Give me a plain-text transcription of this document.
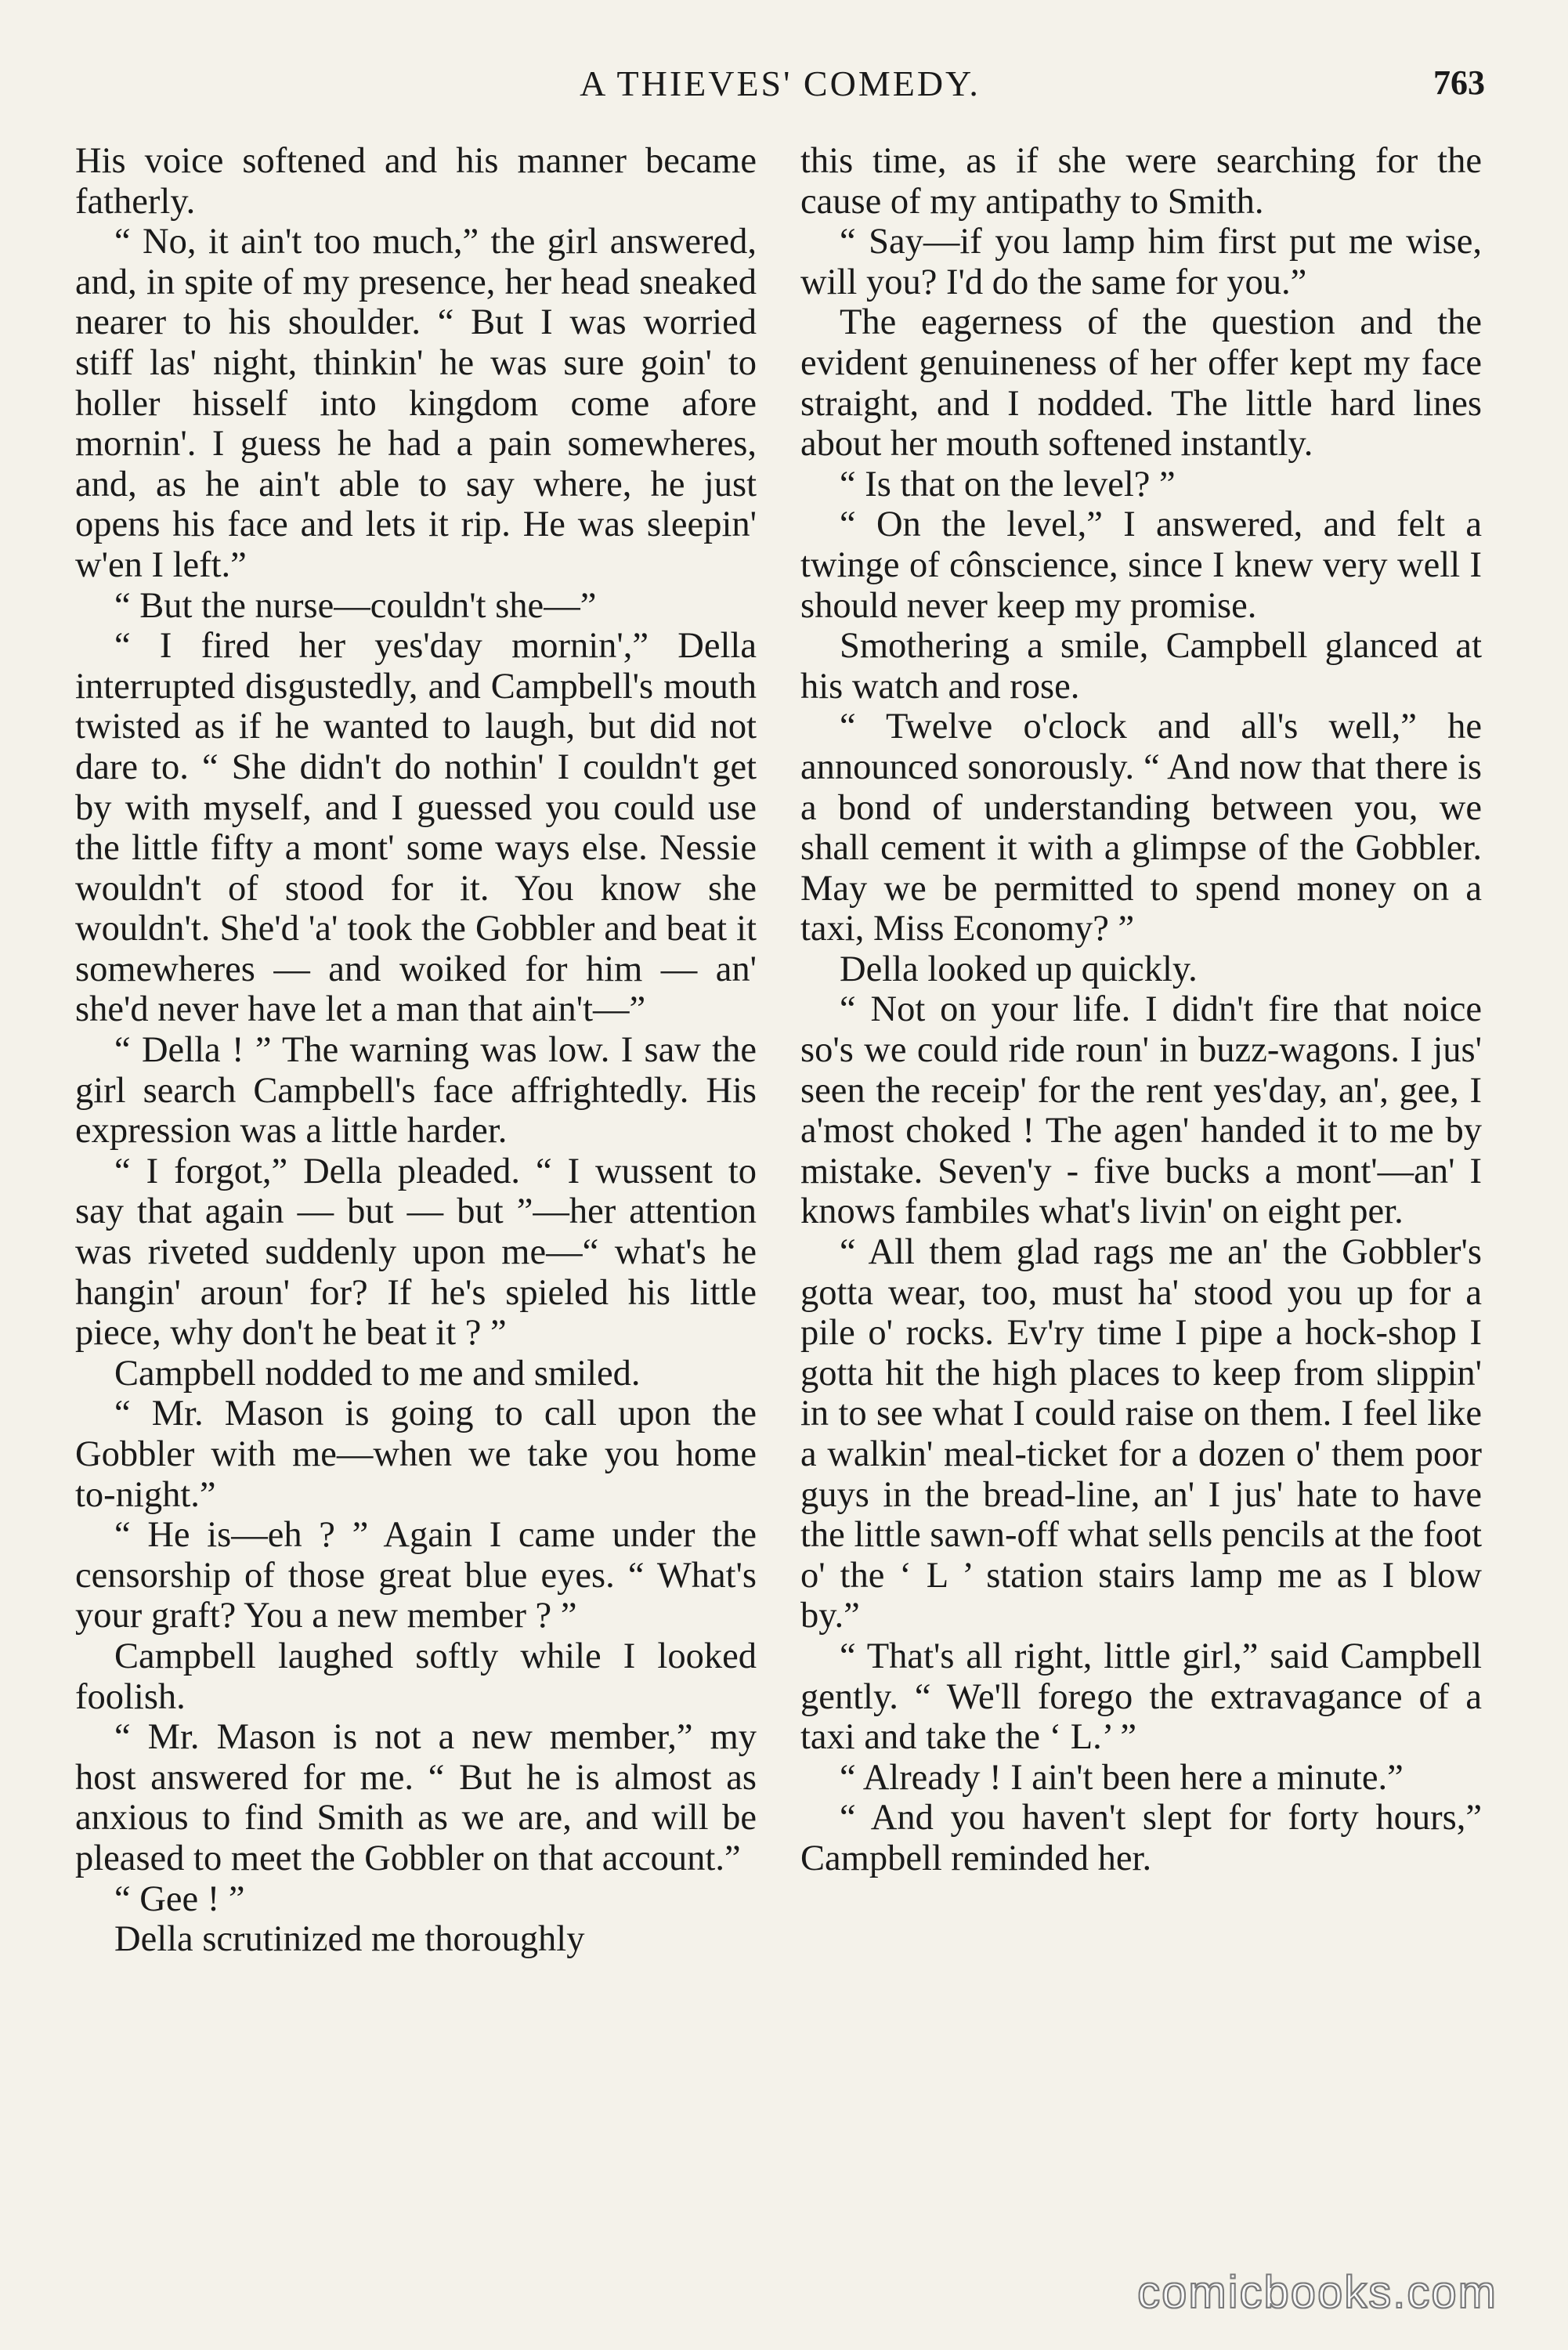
A THIEVES' COMEDY.	763

His voice softened and his manner became fatherly.

“ No, it ain't too much,” the girl answered, and, in spite of my presence, her head sneaked nearer to his shoulder. “ But I was worried stiff las' night, thinkin' he was sure goin' to holler hisself into kingdom come afore mornin'. I guess he had a pain somewheres, and, as he ain't able to say where, he just opens his face and lets it rip. He was sleepin' w'en I left.”

“ But the nurse—couldn't she—”

“ I fired her yes'day mornin',” Della interrupted disgustedly, and Campbell's mouth twisted as if he wanted to laugh, but did not dare to. “ She didn't do nothin' I couldn't get by with myself, and I guessed you could use the little fifty a mont' some ways else. Nessie wouldn't of stood for it. You know she wouldn't. She'd 'a' took the Gobbler and beat it somewheres — and woiked for him — an' she'd never have let a man that ain't—”

“ Della ! ” The warning was low. I saw the girl search Campbell's face affrightedly. His expression was a little harder.

“ I forgot,” Della pleaded. “ I wussent to say that again — but — but ”—her attention was riveted suddenly upon me—“ what's he hangin' aroun' for? If he's spieled his little piece, why don't he beat it ? ”

Campbell nodded to me and smiled.

“ Mr. Mason is going to call upon the Gobbler with me—when we take you home to-night.”

“ He is—eh ? ” Again I came under the censorship of those great blue eyes. “ What's your graft? You a new member ? ”

Campbell laughed softly while I looked foolish.

“ Mr. Mason is not a new member,” my host answered for me. “ But he is almost as anxious to find Smith as we are, and will be pleased to meet the Gobbler on that account.”

“ Gee ! ”

Della scrutinized me thoroughly

this time, as if she were searching for the cause of my antipathy to Smith.

“ Say—if you lamp him first put me wise, will you? I'd do the same for you.”

The eagerness of the question and the evident genuineness of her offer kept my face straight, and I nodded. The little hard lines about her mouth softened instantly.

“ Is that on the level? ”

“ On the level,” I answered, and felt a twinge of cônscience, since I knew very well I should never keep my promise.

Smothering a smile, Campbell glanced at his watch and rose.

“ Twelve o'clock and all's well,” he announced sonorously. “ And now that there is a bond of understanding between you, we shall cement it with a glimpse of the Gobbler. May we be permitted to spend money on a taxi, Miss Economy? ”

Della looked up quickly.

“ Not on your life. I didn't fire that noice so's we could ride roun' in buzz-wagons. I jus' seen the receip' for the rent yes'day, an', gee, I a'most choked ! The agen' handed it to me by mistake. Seven'y - five bucks a mont'—an' I knows fambiles what's livin' on eight per.

“ All them glad rags me an' the Gobbler's gotta wear, too, must ha' stood you up for a pile o' rocks. Ev'ry time I pipe a hock-shop I gotta hit the high places to keep from slippin' in to see what I could raise on them. I feel like a walkin' meal-ticket for a dozen o' them poor guys in the bread-line, an' I jus' hate to have the little sawn-off what sells pencils at the foot o' the ‘ L ’ station stairs lamp me as I blow by.”

“ That's all right, little girl,” said Campbell gently. “ We'll forego the extravagance of a taxi and take the ‘ L.’ ”

“ Already ! I ain't been here a minute.”

“ And you haven't slept for forty hours,” Campbell reminded her.

comicbooks.com
